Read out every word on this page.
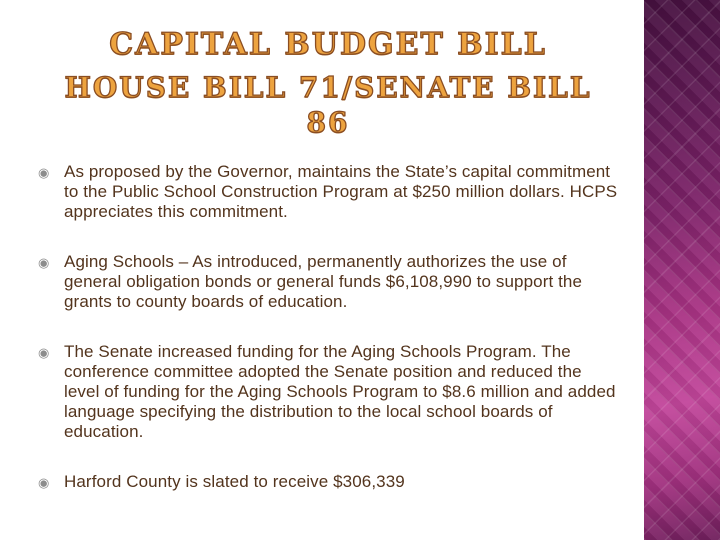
CAPITAL BUDGET BILL
HOUSE BILL 71/SENATE BILL 86
◉ As proposed by the Governor, maintains the State’s capital commitment to the Public School Construction Program at $250 million dollars. HCPS appreciates this commitment.

◉ Aging Schools – As introduced, permanently authorizes the use of general obligation bonds or general funds $6,108,990 to support the grants to county boards of education.

◉ The Senate increased funding for the Aging Schools Program. The conference committee adopted the Senate position and reduced the level of funding for the Aging Schools Program to $8.6 million and added language specifying the distribution to the local school boards of education.

◉ Harford County is slated to receive $306,339
